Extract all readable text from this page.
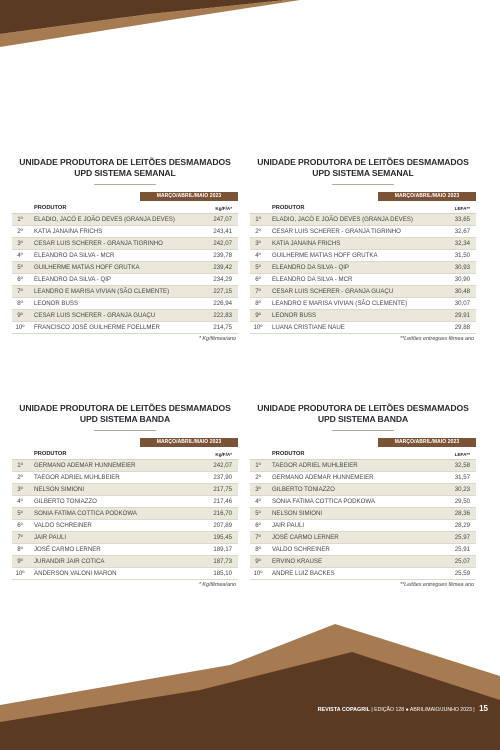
UNIDADE PRODUTORA DE LEITÕES DESMAMADOS
UPD SISTEMA SEMANAL
MARÇO/ABRIL/MAIO 2023
PRODUTOR		Kg/F/A*
1º	ELADIO, JACÓ E JOÃO DEVES (GRANJA DEVES)	247,07
2º	KATIA JANAINA FRICHS	243,41
3º	CESAR LUIS SCHERER - GRANJA TIGRINHO	242,07
4º	ELEANDRO DA SILVA - MCR	239,78
5º	GUILHERME MATIAS HOFF GRUTKA	239,42
6º	ELEANDRO DA SILVA - QIP	234,29
7º	LEANDRO E MARISA VIVIAN (SÃO CLEMENTE)	227,15
8º	LEONOR BUSS	226,94
9º	CESAR LUIS SCHERER - GRANJA GUAÇU	222,83
10º	FRANCISCO JOSÉ GUILHERME FOELLMER	214,75
* Kg/fêmea/ano
UNIDADE PRODUTORA DE LEITÕES DESMAMADOS
UPD SISTEMA SEMANAL
MARÇO/ABRIL/MAIO 2023
PRODUTOR		LEFA**
1º	ELADIO, JACÓ E JOÃO DEVES (GRANJA DEVES)	33,65
2º	CESAR LUIS SCHERER - GRANJA TIGRINHO	32,67
3º	KATIA JANAINA FRICHS	32,34
4º	GUILHERME MATIAS HOFF GRUTKA	31,50
5º	ELEANDRO DA SILVA - QIP	30,93
6º	ELEANDRO DA SILVA - MCR	30,90
7º	CESAR LUIS SCHERER - GRANJA GUAÇU	30,48
8º	LEANDRO E MARISA VIVIAN (SÃO CLEMENTE)	30,07
9º	LEONOR BUSS	29,91
10º	LUANA CRISTIANE NAUE	29,88
**Leitões entregues fêmea ano
UNIDADE PRODUTORA DE LEITÕES DESMAMADOS
UPD SISTEMA BANDA
MARÇO/ABRIL/MAIO 2023
PRODUTOR		Kg/F/A*
1º	GERMANO ADEMAR HUNNEMEIER	242,07
2º	TAEGOR ADRIEL MUHLBEIER	237,90
3º	NELSON SIMIONI	217,75
4º	GILBERTO TONIAZZO	217,46
5º	SONIA FATIMA COTTICA PODKOWA	216,70
6º	VALDO SCHREINER	207,89
7º	JAIR PAULI	195,45
8º	JOSÉ CARMO LERNER	189,17
9º	JURANDIR JAIR COTICA	187,73
10º	ANDERSON VALONI MARON	185,10
* Kg/fêmea/ano
UNIDADE PRODUTORA DE LEITÕES DESMAMADOS
UPD SISTEMA BANDA
MARÇO/ABRIL/MAIO 2023
PRODUTOR		LEFA**
1º	TAEGOR ADRIEL MUHLBEIER	32,58
2º	GERMANO ADEMAR HUNNEMEIER	31,57
3º	GILBERTO TONIAZZO	30,23
4º	SONIA FATIMA COTTICA PODKOWA	29,50
5º	NELSON SIMIONI	28,36
6º	JAIR PAULI	28,29
7º	JOSÉ CARMO LERNER	25,97
8º	VALDO SCHREINER	25,91
9º	ERVINO KRAUSE	25,07
10º	ANDRE LUIZ BACKES	25,59
**Leitões entregues fêmea ano
REVISTA COPAGRIL | EDIÇÃO 128 ● ABRIL/MAIO/JUNHO 2023 | 15
